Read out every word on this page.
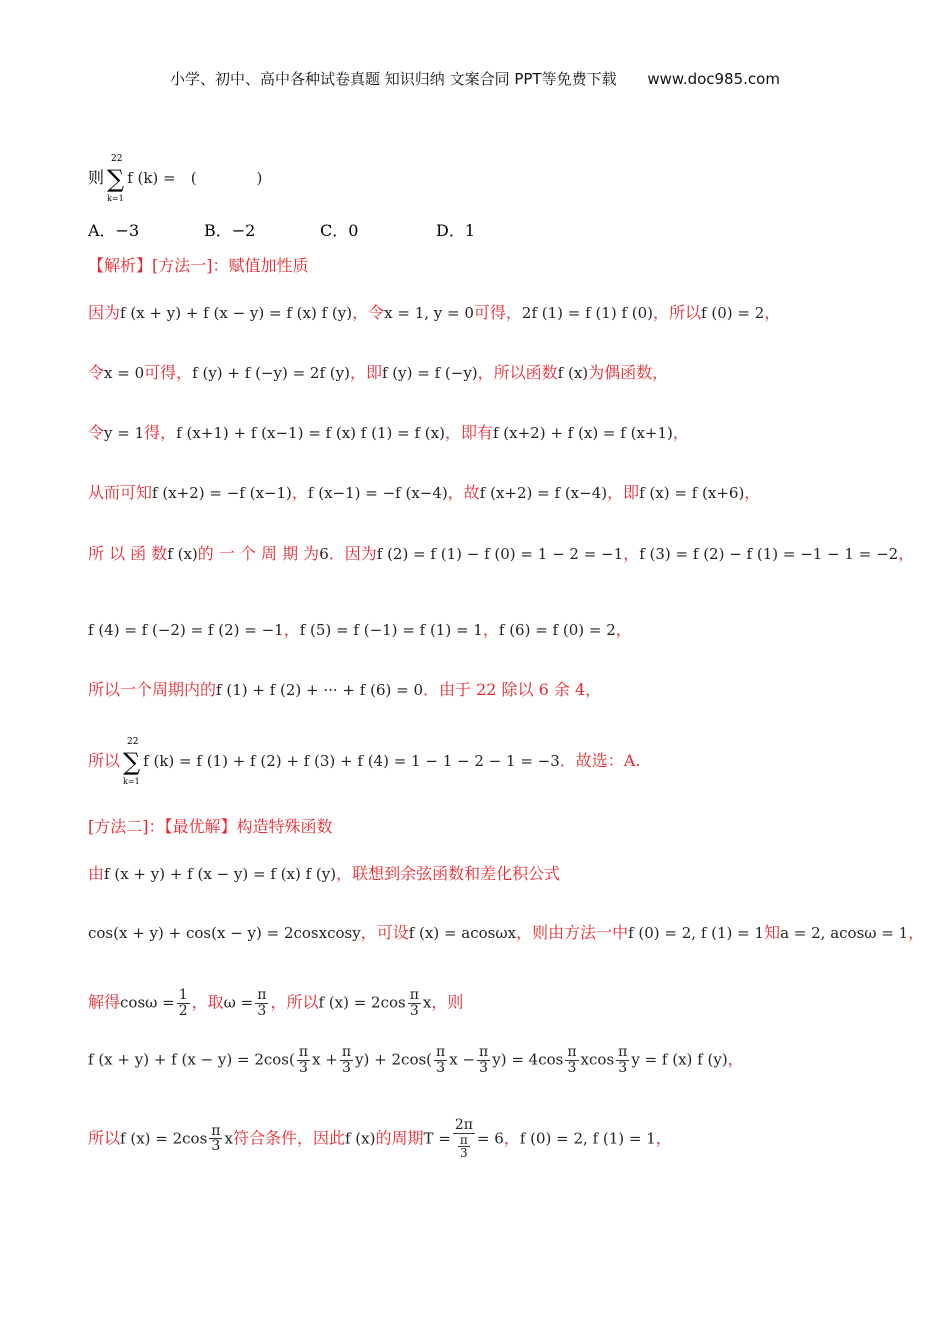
小学、初中、高中各种试卷真题 知识归纳 文案合同 PPT等免费下载 www.doc985.com
则 ∑
22
k=1
f (k) = (　　　　)
A．−3	B．−2	C．0	D．1
【解析】[方法一]：赋值加性质
因为f (x + y) + f (x − y) = f (x) f (y)，令x = 1, y = 0可得，2f (1) = f (1) f (0)，所以f (0) = 2，
令x = 0可得，f (y) + f (−y) = 2f (y)，即f (y) = f (−y)，所以函数f (x)为偶函数，
令y = 1得，f (x+1) + f (x−1) = f (x) f (1) = f (x)，即有f (x+2) + f (x) = f (x+1)，
从而可知f (x+2) = −f (x−1)，f (x−1) = −f (x−4)，故f (x+2) = f (x−4)，即f (x) = f (x+6)，
所 以 函 数f (x)的 一 个 周 期 为6．因为f (2) = f (1) − f (0) = 1 − 2 = −1，f (3) = f (2) − f (1) = −1 − 1 = −2，
f (4) = f (−2) = f (2) = −1，f (5) = f (−1) = f (1) = 1，f (6) = f (0) = 2，
所以一个周期内的f (1) + f (2) + ··· + f (6) = 0．由于 22 除以 6 余 4，
所以 ∑
22
k=1
f (k) = f (1) + f (2) + f (3) + f (4) = 1 − 1 − 2 − 1 = −3．故选：A.
[方法二]：【最优解】构造特殊函数
由f (x + y) + f (x − y) = f (x) f (y)，联想到余弦函数和差化积公式
cos(x + y) + cos(x − y) = 2cosxcosy，可设f (x) = acosωx，则由方法一中f (0) = 2, f (1) = 1知a = 2, acosω = 1，
解得$\cos\omega = \frac{1}{2}$ ，取$\omega = \frac{\pi}{3}$ ，所以f $(x) = 2\cos \frac{\pi}{3}$ x，则
f (x + y) + f $(x - y) = 2\cos( \frac{\pi}{3}$ $x + \frac{\pi}{3} y) + 2\cos( \frac{\pi}{3}$ $x - \frac{\pi}{3} y) = 4\cos \frac{\pi}{3}$ xcos $\frac{\pi}{3}$ y = f (x) f (y)，
所以f $(x) = 2\cos \frac{\pi}{3}$ x符合条件，因此f (x)的周期$T = \frac{2\pi}{\frac{\pi}{3}} = 6$，f (0) = 2, f (1) = 1，
